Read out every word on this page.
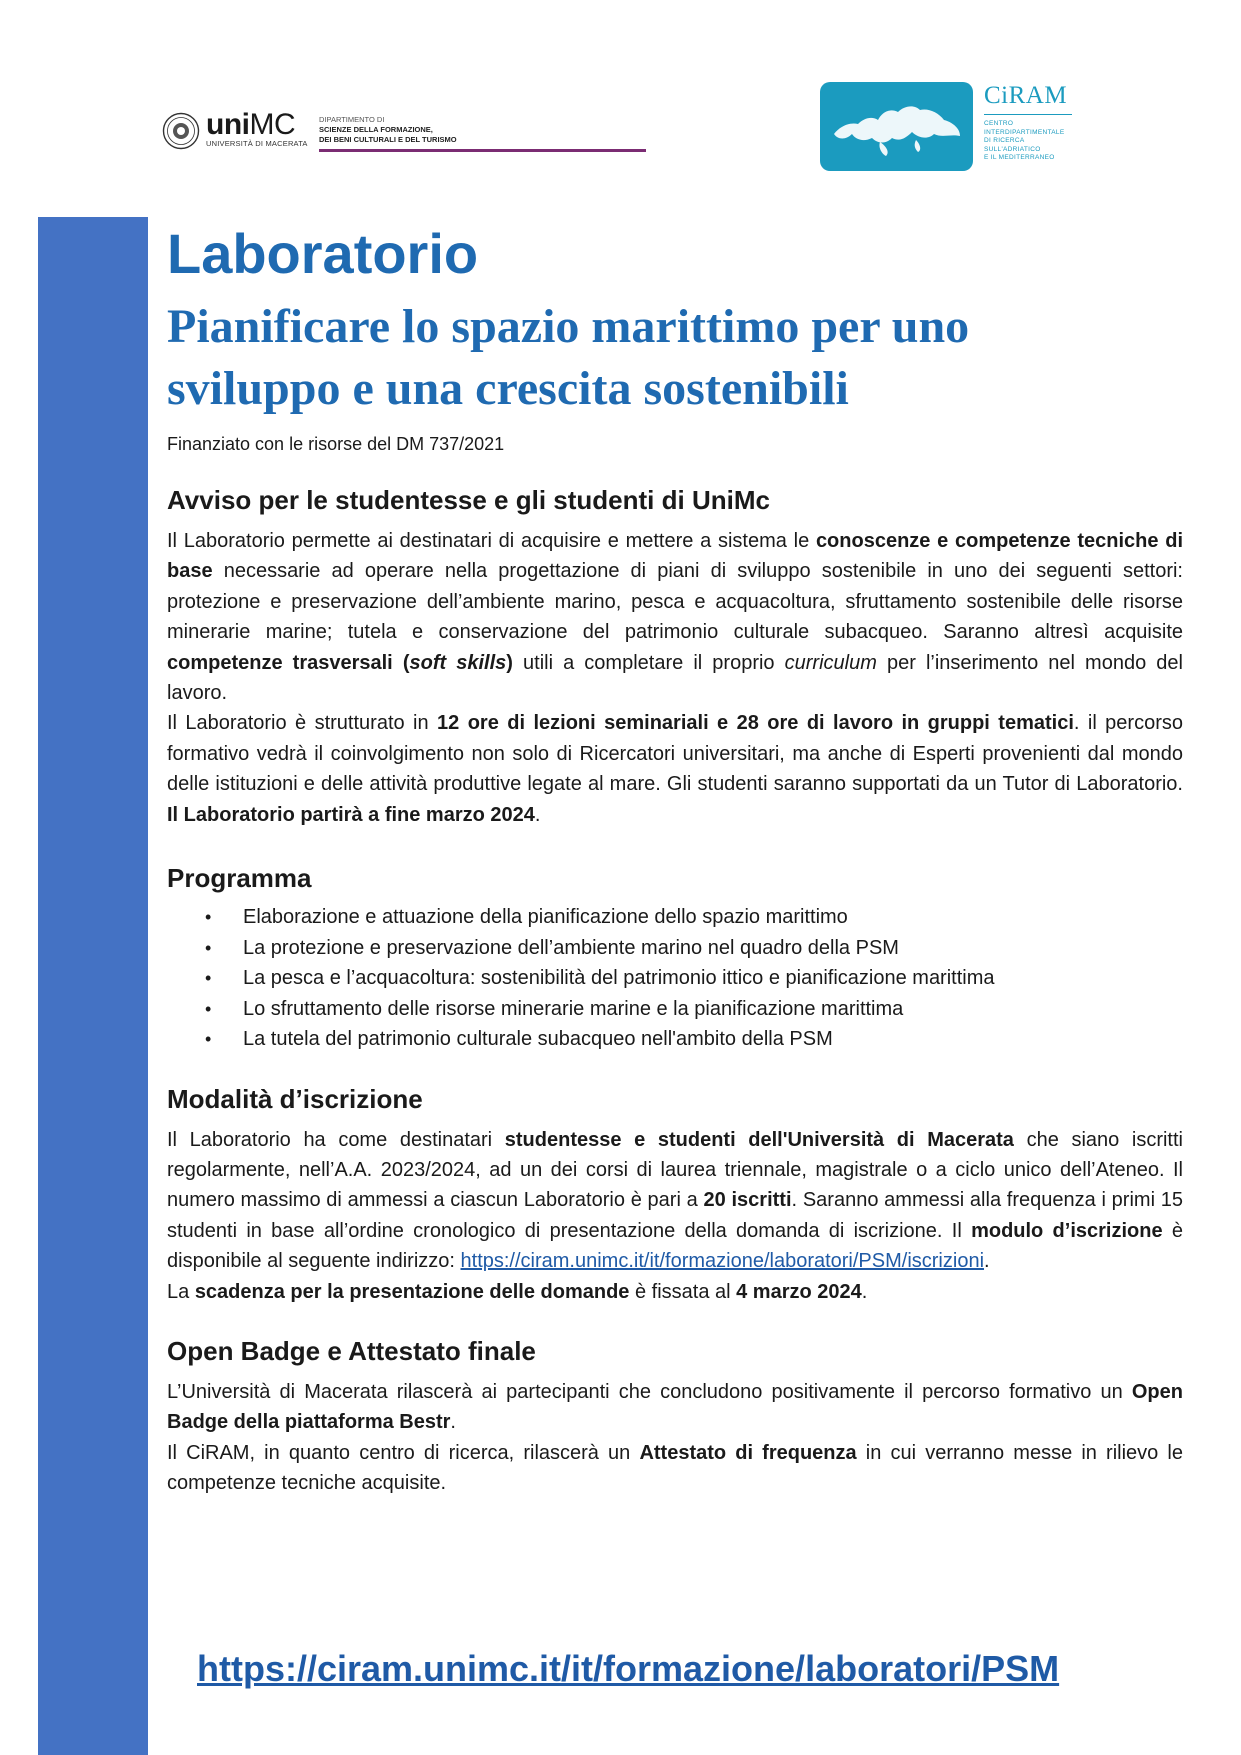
uniMC
UNIVERSITÀ DI MACERATA
DIPARTIMENTO DI
SCIENZE DELLA FORMAZIONE,
DEI BENI CULTURALI E DEL TURISMO
CiRAM
CENTRO
INTERDIPARTIMENTALE
DI RICERCA
SULL'ADRIATICO
E IL MEDITERRANEO
Laboratorio
Pianificare lo spazio marittimo per uno
sviluppo e una crescita sostenibili
Finanziato con le risorse del DM 737/2021
Avviso per le studentesse e gli studenti di UniMc

Il Laboratorio permette ai destinatari di acquisire e mettere a sistema le conoscenze e competenze tecniche di base necessarie ad operare nella progettazione di piani di sviluppo sostenibile in uno dei seguenti settori: protezione e preservazione dell’ambiente marino, pesca e acquacoltura, sfruttamento sostenibile delle risorse minerarie marine; tutela e conservazione del patrimonio culturale subacqueo. Saranno altresì acquisite competenze trasversali (soft skills) utili a completare il proprio curriculum per l’inserimento nel mondo del lavoro.

Il Laboratorio è strutturato in 12 ore di lezioni seminariali e 28 ore di lavoro in gruppi tematici. il percorso formativo vedrà il coinvolgimento non solo di Ricercatori universitari, ma anche di Esperti provenienti dal mondo delle istituzioni e delle attività produttive legate al mare. Gli studenti saranno supportati da un Tutor di Laboratorio. Il Laboratorio partirà a fine marzo 2024.

Programma
• Elaborazione e attuazione della pianificazione dello spazio marittimo
• La protezione e preservazione dell’ambiente marino nel quadro della PSM
• La pesca e l’acquacoltura: sostenibilità del patrimonio ittico e pianificazione marittima
• Lo sfruttamento delle risorse minerarie marine e la pianificazione marittima
• La tutela del patrimonio culturale subacqueo nell'ambito della PSM
Modalità d’iscrizione

Il Laboratorio ha come destinatari studentesse e studenti dell'Università di Macerata che siano iscritti regolarmente, nell’A.A. 2023/2024, ad un dei corsi di laurea triennale, magistrale o a ciclo unico dell’Ateneo. Il numero massimo di ammessi a ciascun Laboratorio è pari a 20 iscritti. Saranno ammessi alla frequenza i primi 15 studenti in base all’ordine cronologico di presentazione della domanda di iscrizione. Il modulo d’iscrizione è disponibile al seguente indirizzo: https://ciram.unimc.it/it/formazione/laboratori/PSM/iscrizioni.

La scadenza per la presentazione delle domande è fissata al 4 marzo 2024.

Open Badge e Attestato finale

L’Università di Macerata rilascerà ai partecipanti che concludono positivamente il percorso formativo un Open Badge della piattaforma Bestr.

Il CiRAM, in quanto centro di ricerca, rilascerà un Attestato di frequenza in cui verranno messe in rilievo le competenze tecniche acquisite.

https://ciram.unimc.it/it/formazione/laboratori/PSM
